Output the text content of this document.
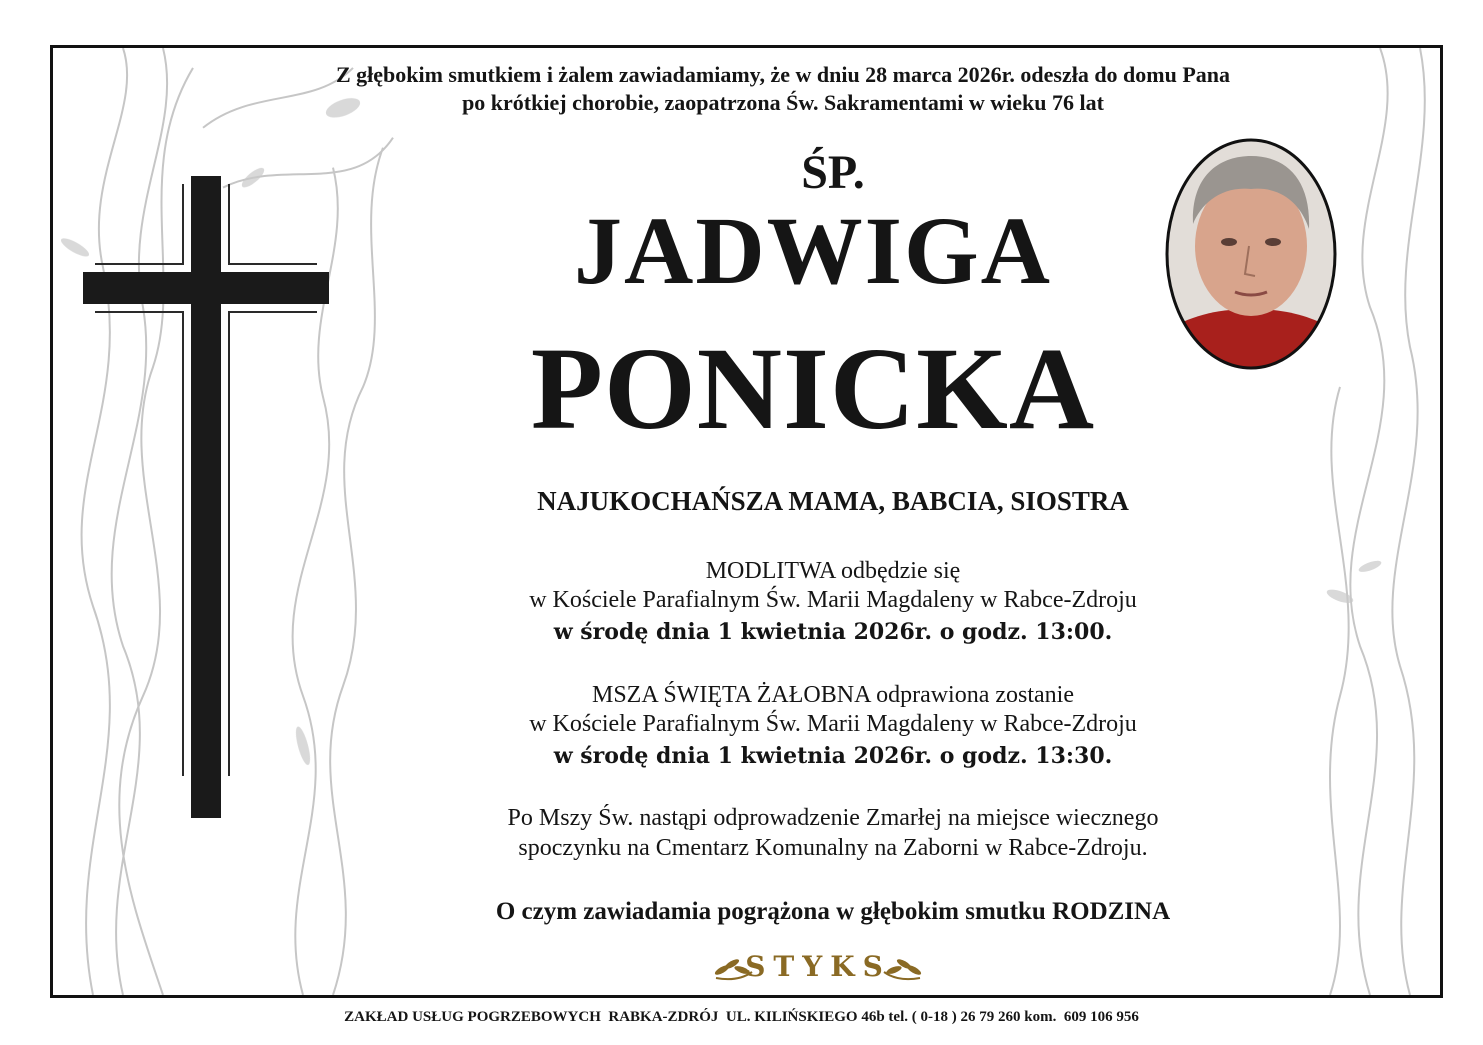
Z głębokim smutkiem i żalem zawiadamiamy, że w dniu 28 marca 2026r. odeszła do domu Pana

po krótkiej chorobie, zaopatrzona Św. Sakramentami w wieku 76 lat

ŚP.

JADWIGA

PONICKA

NAJUKOCHAŃSZA MAMA, BABCIA, SIOSTRA

MODLITWA odbędzie się

w Kościele Parafialnym Św. Marii Magdaleny w Rabce-Zdroju

w środę dnia 1 kwietnia 2026r. o godz. 13:00.

MSZA ŚWIĘTA ŻAŁOBNA odprawiona zostanie

w Kościele Parafialnym Św. Marii Magdaleny w Rabce-Zdroju

w środę dnia 1 kwietnia 2026r. o godz. 13:30.

Po Mszy Św. nastąpi odprowadzenie Zmarłej na miejsce wiecznego

spoczynku na Cmentarz Komunalny na Zaborni w Rabce-Zdroju.

O czym zawiadamia pogrążona w głębokim smutku RODZINA

STYKS
ZAKŁAD USŁUG POGRZEBOWYCH  RABKA-ZDRÓJ  UL. KILIŃSKIEGO 46b tel. ( 0-18 ) 26 79 260 kom.  609 106 956
